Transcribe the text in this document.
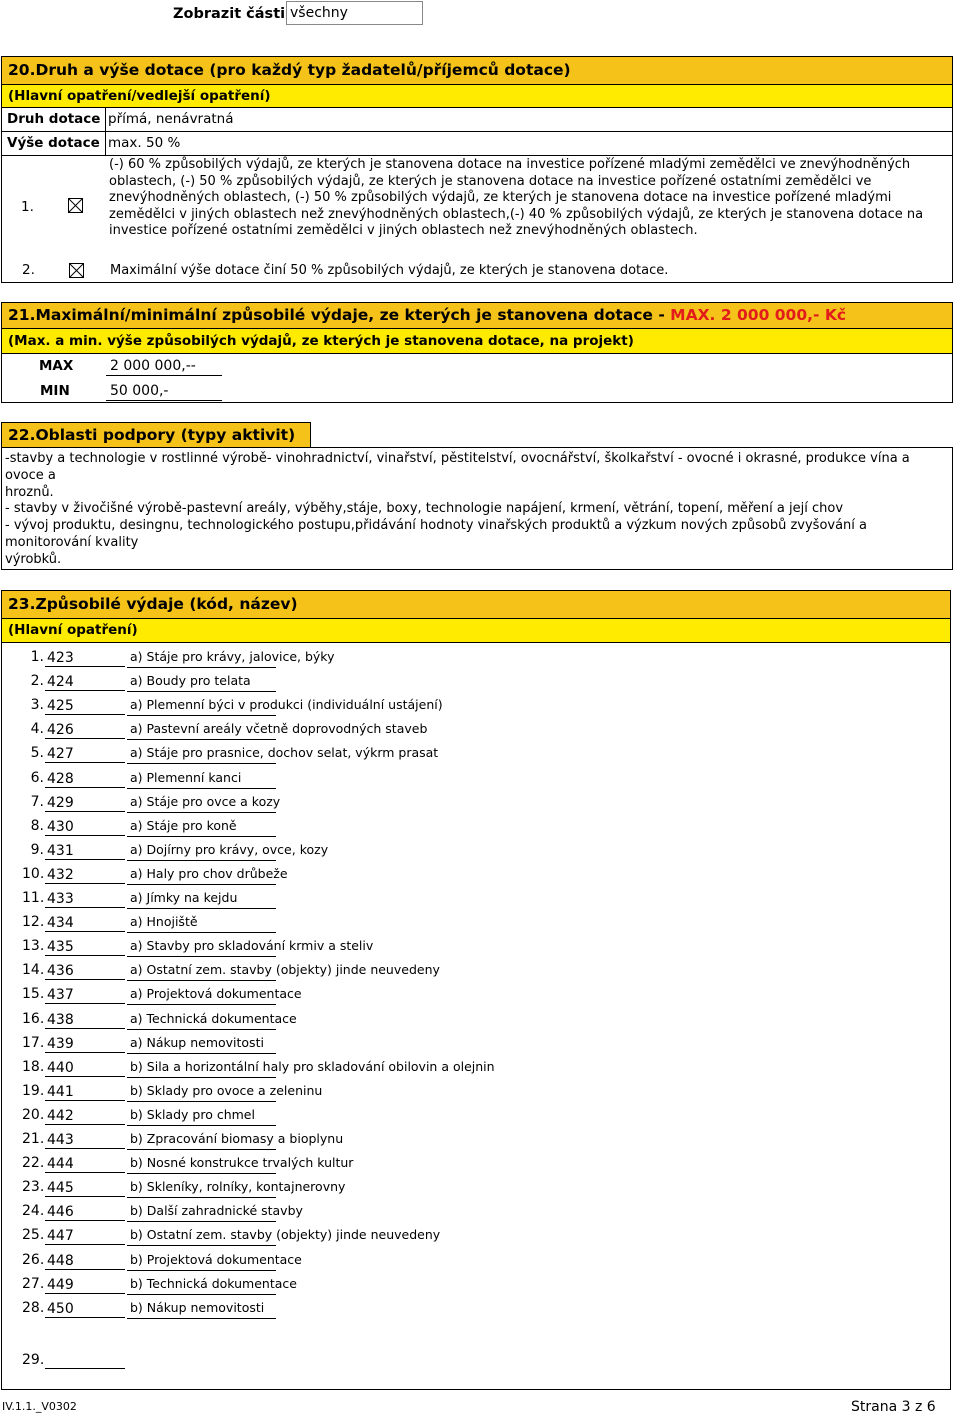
Zobrazit části všechny
20.Druh a výše dotace (pro každý typ žadatelů/příjemců dotace)
(Hlavní opatření/vedlejší opatření)
Druh dotace přímá, nenávratná
Výše dotace max. 50 %
1.
(-) 60 % způsobilých výdajů, ze kterých je stanovena dotace na investice pořízené mladými zemědělci ve znevýhodněných oblastech, (-) 50 % způsobilých výdajů, ze kterých je stanovena dotace na investice pořízené ostatními zemědělci ve znevýhodněných oblastech, (-) 50 % způsobilých výdajů, ze kterých je stanovena dotace na investice pořízené mladými zemědělci v jiných oblastech než znevýhodněných oblastech,(-) 40 % způsobilých výdajů, ze kterých je stanovena dotace na investice pořízené ostatními zemědělci v jiných oblastech než znevýhodněných oblastech.
2.	Maximální výše dotace činí 50 % způsobilých výdajů, ze kterých je stanovena dotace.
21.Maximální/minimální způsobilé výdaje, ze kterých je stanovena dotace - MAX. 2 000 000,- Kč
(Max. a min. výše způsobilých výdajů, ze kterých je stanovena dotace, na projekt)
MAX	2 000 000,--
MIN	50 000,-
22.Oblasti podpory (typy aktivit)
-stavby a technologie v rostlinné výrobě- vinohradnictví, vinařství, pěstitelství, ovocnářství, školkařství - ovocné i okrasné, produkce vína a ovoce a
hroznů.
- stavby v živočišné výrobě-pastevní areály, výběhy,stáje, boxy, technologie napájení, krmení, větrání, topení, měření a její chov
- vývoj produktu, desingnu, technologického postupu,přidávání hodnoty vinařských produktů a výzkum nových způsobů zvyšování a monitorování kvality
výrobků.
23.Způsobilé výdaje (kód, název)
(Hlavní opatření)
1. 423	a) Stáje pro krávy, jalovice, býky
2. 424	a) Boudy pro telata
3. 425	a) Plemenní býci v produkci (individuální ustájení)
4. 426	a) Pastevní areály včetně doprovodných staveb
5. 427	a) Stáje pro prasnice, dochov selat, výkrm prasat
6. 428	a) Plemenní kanci
7. 429	a) Stáje pro ovce a kozy
8. 430	a) Stáje pro koně
9. 431	a) Dojírny pro krávy, ovce, kozy
10. 432	a) Haly pro chov drůbeže
11. 433	a) Jímky na kejdu
12. 434	a) Hnojiště
13. 435	a) Stavby pro skladování krmiv a steliv
14. 436	a) Ostatní zem. stavby (objekty) jinde neuvedeny
15. 437	a) Projektová dokumentace
16. 438	a) Technická dokumentace
17. 439	a) Nákup nemovitosti
18. 440	b) Sila a horizontální haly pro skladování obilovin a olejnin
19. 441	b) Sklady pro ovoce a zeleninu
20. 442	b) Sklady pro chmel
21. 443	b) Zpracování biomasy a bioplynu
22. 444	b) Nosné konstrukce trvalých kultur
23. 445	b) Skleníky, rolníky, kontajnerovny
24. 446	b) Další zahradnické stavby
25. 447	b) Ostatní zem. stavby (objekty) jinde neuvedeny
26. 448	b) Projektová dokumentace
27. 449	b) Technická dokumentace
28. 450	b) Nákup nemovitosti
29.
IV.1.1._V0302	Strana 3 z 6
